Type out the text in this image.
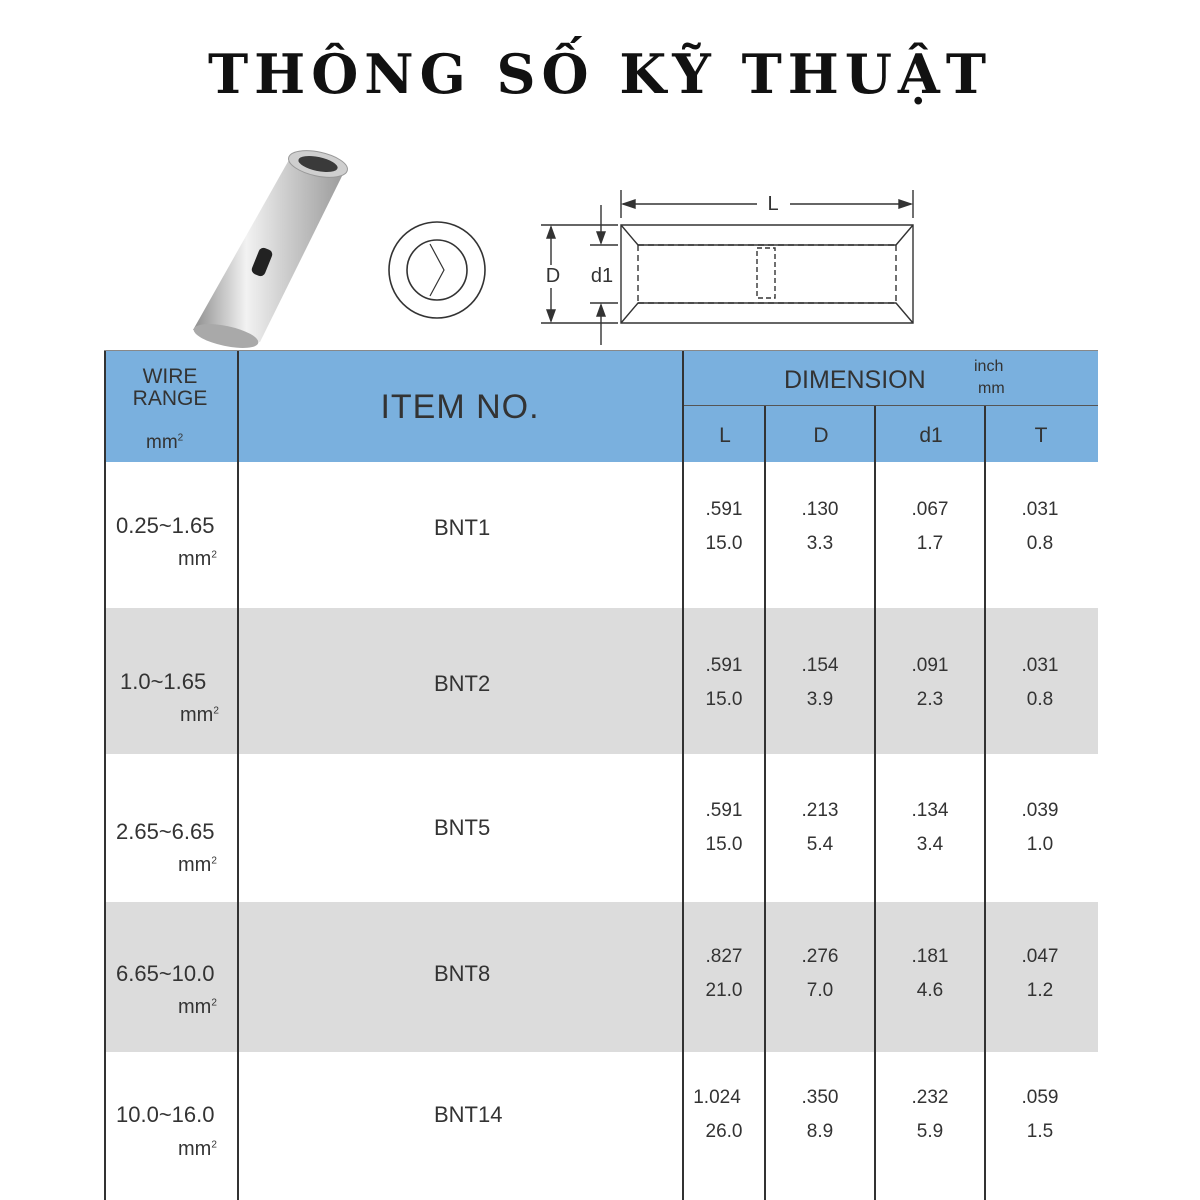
THÔNG SỐ KỸ THUẬT
L
D d1
WIRE
RANGE
$mm^2$
ITEM NO.
DIMENSION	inch
mm
L	D	d1	T
0.25~1.65
$mm^2$
BNT1
.591	.130	.067	.031
15.0	3.3	1.7	0.8
1.0~1.65
$mm^2$
BNT2
.591	.154	.091	.031
15.0	3.9	2.3	0.8
2.65~6.65
$mm^2$
BNT5
.591	.213	.134	.039
15.0	5.4	3.4	1.0
6.65~10.0
$mm^2$
BNT8
.827	.276	.181	.047
21.0	7.0	4.6	1.2
10.0~16.0
$mm^2$
BNT14
1.024	.350	.232	.059
26.0	8.9	5.9	1.5
